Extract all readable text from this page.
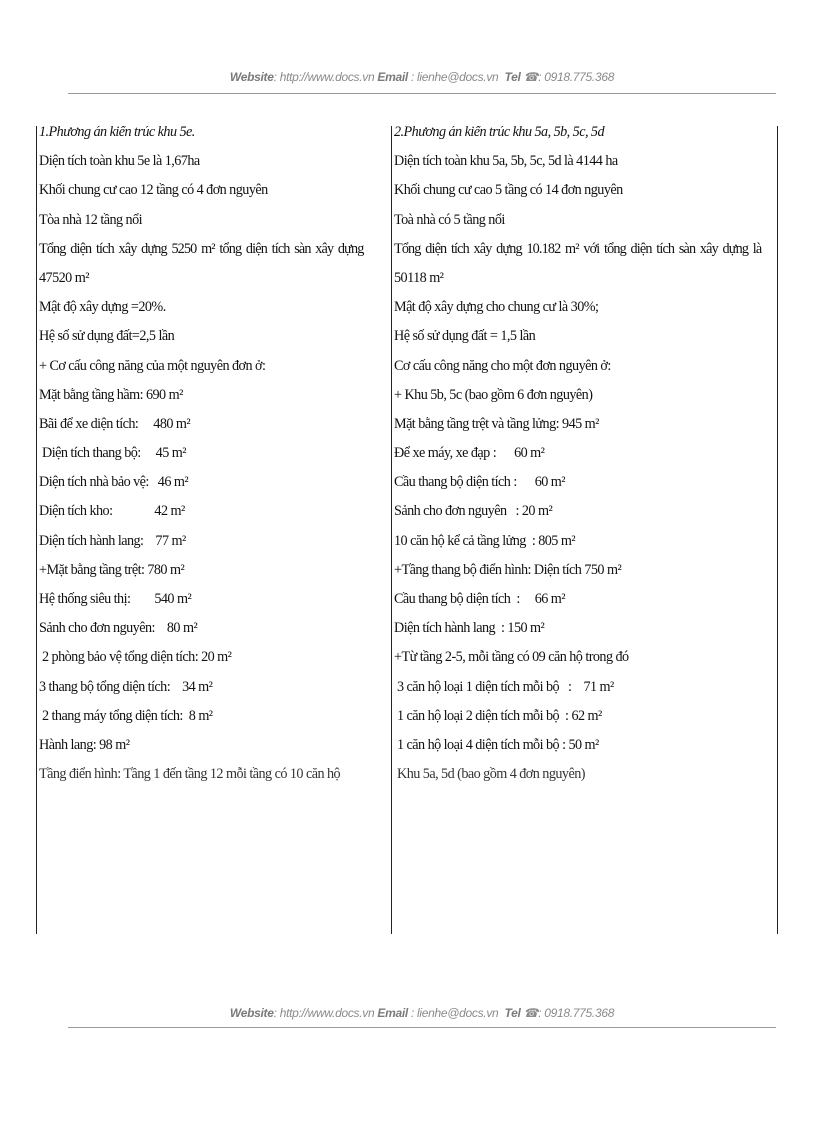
Website: http://www.docs.vn Email : lienhe@docs.vn Tel ☎: 0918.775.368
1.Phương án kiến trúc khu 5e.
Diện tích toàn khu 5e là 1,67ha
Khối chung cư cao 12 tầng có 4 đơn nguyên
Tòa nhà 12 tầng nổi
Tổng diện tích xây dựng 5250 m² tổng diện tích sàn xây dựng
47520 m²
Mật độ xây dựng =20%.
Hệ số sử dụng đất=2,5 lần
+ Cơ cấu công năng của một nguyên đơn ở:
Mặt bằng tầng hầm: 690 m²
Bãi để xe diện tích:     480 m²
Diện tích thang bộ:     45 m²
Diện tích nhà bảo vệ:   46 m²
Diện tích kho:              42 m²
Diện tích hành lang:    77 m²
+Mặt bằng tầng trệt: 780 m²
Hệ thống siêu thị:        540 m²
Sảnh cho đơn nguyên:    80 m²
2 phòng bảo vệ tổng diện tích: 20 m²
3 thang bộ tổng diện tích:    34 m²
2 thang máy tổng diện tích:  8 m²
Hành lang: 98 m²
Tầng điển hình: Tầng 1 đến tầng 12 mỗi tầng có 10 căn hộ
2.Phương án kiến trúc khu 5a, 5b, 5c, 5d
Diện tích toàn khu 5a, 5b, 5c, 5d là 4144 ha
Khối chung cư cao 5 tầng có 14 đơn nguyên
Toà nhà có 5 tầng nổi
Tổng diện tích xây dựng 10.182 m² với tổng diện tích sàn xây dựng là
50118 m²
Mật độ xây dựng cho chung cư là 30%;
Hệ số sử dụng đất = 1,5 lần
Cơ cấu công năng cho một đơn nguyên ở:
+ Khu 5b, 5c (bao gồm 6 đơn nguyên)
Mặt bằng tầng trệt và tầng lửng: 945 m²
Để xe máy, xe đạp :      60 m²
Cầu thang bộ diện tích :      60 m²
Sảnh cho đơn nguyên   : 20 m²
10 căn hộ kể cả tầng lửng  : 805 m²
+Tầng thang bộ điển hình: Diện tích 750 m²
Cầu thang bộ diện tích  :     66 m²
Diện tích hành lang  : 150 m²
+Từ tầng 2-5, mỗi tầng có 09 căn hộ trong đó
3 căn hộ loại 1 diện tích mỗi bộ   :    71 m²
1 căn hộ loại 2 diện tích mỗi bộ  : 62 m²
1 căn hộ loại 4 diện tích mỗi bộ : 50 m²
Khu 5a, 5d (bao gồm 4 đơn nguyên)
Website: http://www.docs.vn Email : lienhe@docs.vn Tel ☎: 0918.775.368
